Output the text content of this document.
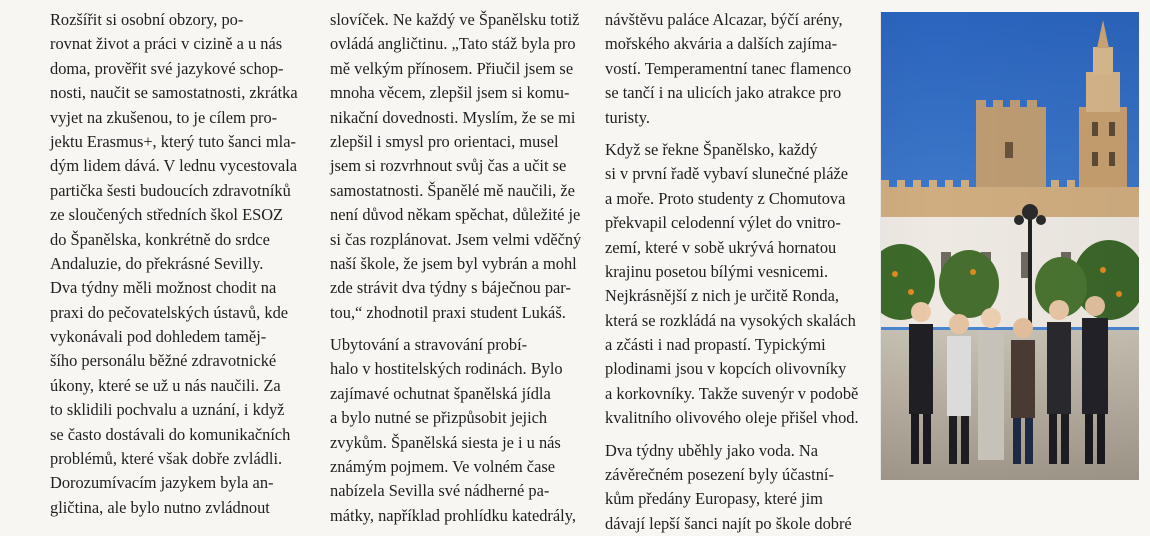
Rozšířit si osobní obzory, po-
rovnat život a práci v cizině a u nás
doma, prověřit své jazykové schop-
nosti, naučit se samostatnosti, zkrátka
vyjet na zkušenou, to je cílem pro-
jektu Erasmus+, který tuto šanci mla-
dým lidem dává. V lednu vycestovala
partička šesti budoucích zdravotníků
ze sloučených středních škol ESOZ
do Španělska, konkrétně do srdce
Andaluzie, do překrásné Sevilly.
Dva týdny měli možnost chodit na
praxi do pečovatelských ústavů, kde
vykonávali pod dohledem taměj-
šího personálu běžné zdravotnické
úkony, které se už u nás naučili. Za
to sklidili pochvalu a uznání, i když
se často dostávali do komunikačních
problémů, které však dobře zvládli.
Dorozumívacím jazykem byla an-
gličtina, ale bylo nutno zvládnout
slovíček. Ne každý ve Španělsku totiž
ovládá angličtinu. „Tato stáž byla pro
mě velkým přínosem. Přiučil jsem se
mnoha věcem, zlepšil jsem si komu-
nikační dovednosti. Myslím, že se mi
zlepšil i smysl pro orientaci, musel
jsem si rozvrhnout svůj čas a učit se
samostatnosti. Španělé mě naučili, že
není důvod někam spěchat, důležité je
si čas rozplánovat. Jsem velmi vděčný
naší škole, že jsem byl vybrán a mohl
zde strávit dva týdny s báječnou par-
tou,“ zhodnotil praxi student Lukáš.
Ubytování a stravování probí-
halo v hostitelských rodinách. Bylo
zajímavé ochutnat španělská jídla
a bylo nutné se přizpůsobit jejich
zvykům. Španělská siesta je i u nás
známým pojmem. Ve volném čase
nabízela Sevilla své nádherné pa-
mátky, například prohlídku katedrály,
návštěvu paláce Alcazar, býčí arény,
mořského akvária a dalších zajíma-
vostí. Temperamentní tanec flamenco
se tančí i na ulicích jako atrakce pro
turisty.
Když se řekne Španělsko, každý
si v první řadě vybaví slunečné pláže
a moře. Proto studenty z Chomutova
překvapil celodenní výlet do vnitro-
zemí, které v sobě ukrývá hornatou
krajinu posetou bílými vesnicemi.
Nejkrásnější z nich je určitě Ronda,
která se rozkládá na vysokých skalách
a zčásti i nad propastí. Typickými
plodinami jsou v kopcích olivovníky
a korkovníky. Takže suvenýr v podobě
kvalitního olivového oleje přišel vhod.
Dva týdny uběhly jako voda. Na
závěrečném posezení byly účastní-
kům předány Europasy, které jim
dávají lepší šanci najít po škole dobré
